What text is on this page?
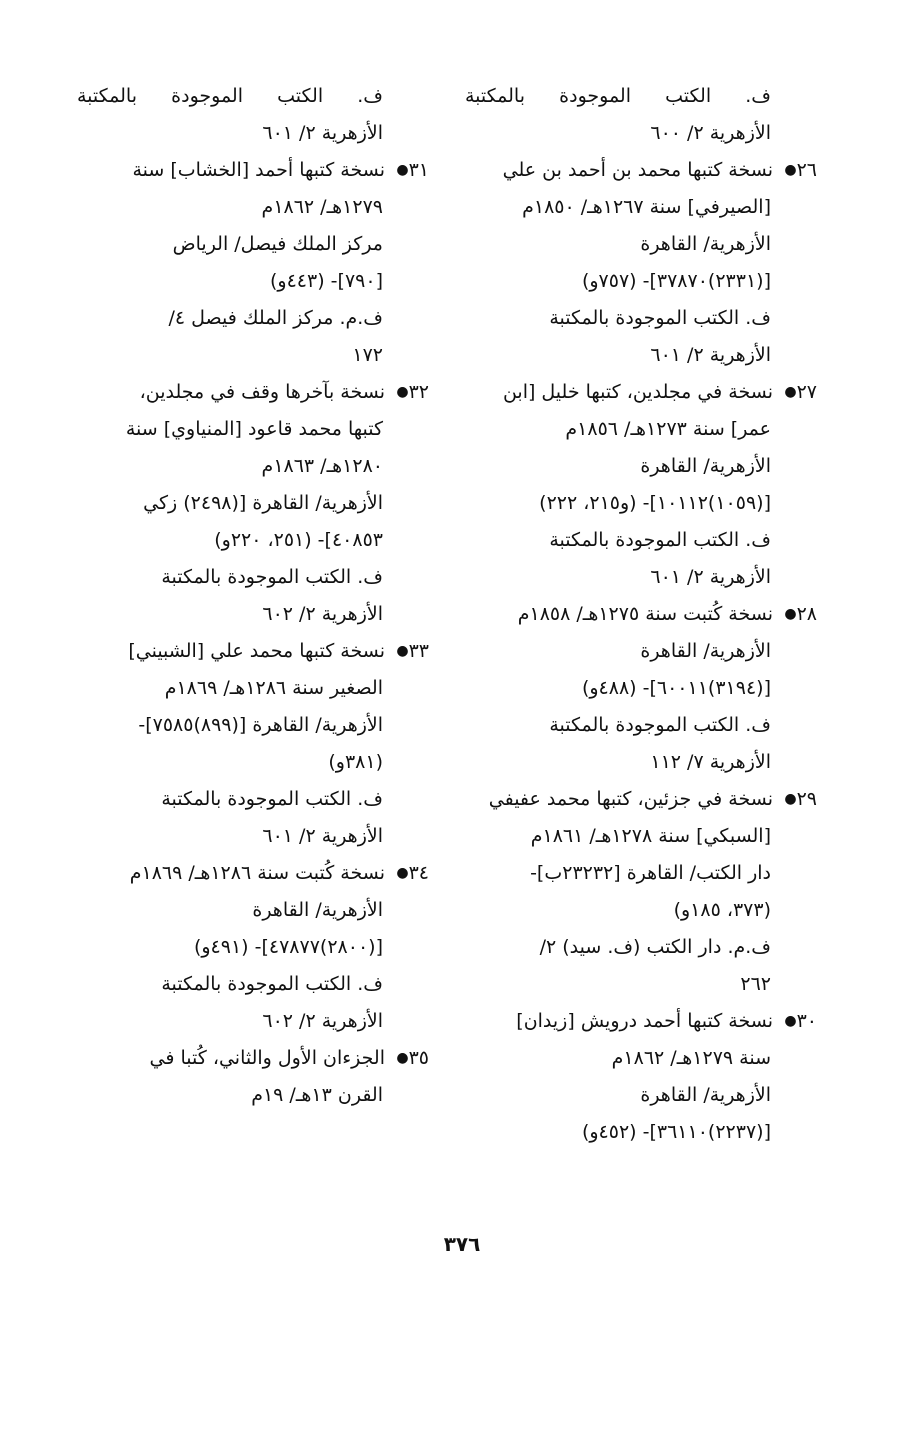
ف. الكتب الموجودة بالمكتبة
الأزهرية ٢/ ٦٠٠
٢٦●نسخة كتبها محمد بن أحمد بن علي
[الصيرفي] سنة ١٢٦٧هـ/ ١٨٥٠م
الأزهرية/ القاهرة
[(٢٣٣١)٣٧٨٧٠]- (٧٥٧و)
ف. الكتب الموجودة بالمكتبة
الأزهرية ٢/ ٦٠١
٢٧●نسخة في مجلدين، كتبها خليل [ابن
عمر] سنة ١٢٧٣هـ/ ١٨٥٦م
الأزهرية/ القاهرة
[(١٠٥٩)١٠١١٢]- (و٢١٥، ٢٢٢)
ف. الكتب الموجودة بالمكتبة
الأزهرية ٢/ ٦٠١
٢٨●نسخة كُتبت سنة ١٢٧٥هـ/ ١٨٥٨م
الأزهرية/ القاهرة
[(٣١٩٤)٦٠٠١١]- (٤٨٨و)
ف. الكتب الموجودة بالمكتبة
الأزهرية ٧/ ١١٢
٢٩●نسخة في جزئين، كتبها محمد عفيفي
[السبكي] سنة ١٢٧٨هـ/ ١٨٦١م
دار الكتب/ القاهرة [٢٣٢٣٢ب]-
(٣٧٣، ١٨٥و)
ف.م. دار الكتب (ف. سيد) ٢/
٢٦٢
٣٠●نسخة كتبها أحمد درويش [زيدان]
سنة ١٢٧٩هـ/ ١٨٦٢م
الأزهرية/ القاهرة
[(٢٢٣٧)٣٦١١٠]- (٤٥٢و)
ف. الكتب الموجودة بالمكتبة
الأزهرية ٢/ ٦٠١
٣١●نسخة كتبها أحمد [الخشاب] سنة
١٢٧٩هـ/ ١٨٦٢م
مركز الملك فيصل/ الرياض
[٧٩٠]- (٤٤٣و)
ف.م. مركز الملك فيصل ٤/
١٧٢
٣٢●نسخة بآخرها وقف في مجلدين،
كتبها محمد قاعود [المنياوي] سنة
١٢٨٠هـ/ ١٨٦٣م
الأزهرية/ القاهرة [(٢٤٩٨) زكي
٤٠٨٥٣]- (٢٥١، ٢٢٠و)
ف. الكتب الموجودة بالمكتبة
الأزهرية ٢/ ٦٠٢
٣٣●نسخة كتبها محمد علي [الشبيني]
الصغير سنة ١٢٨٦هـ/ ١٨٦٩م
الأزهرية/ القاهرة [(٨٩٩)٧٥٨٥]-
(٣٨١و)
ف. الكتب الموجودة بالمكتبة
الأزهرية ٢/ ٦٠١
٣٤●نسخة كُتبت سنة ١٢٨٦هـ/ ١٨٦٩م
الأزهرية/ القاهرة
[(٢٨٠٠)٤٧٨٧٧]- (٤٩١و)
ف. الكتب الموجودة بالمكتبة
الأزهرية ٢/ ٦٠٢
٣٥●الجزءان الأول والثاني، كُتبا في
القرن ١٣هـ/ ١٩م
٣٧٦
